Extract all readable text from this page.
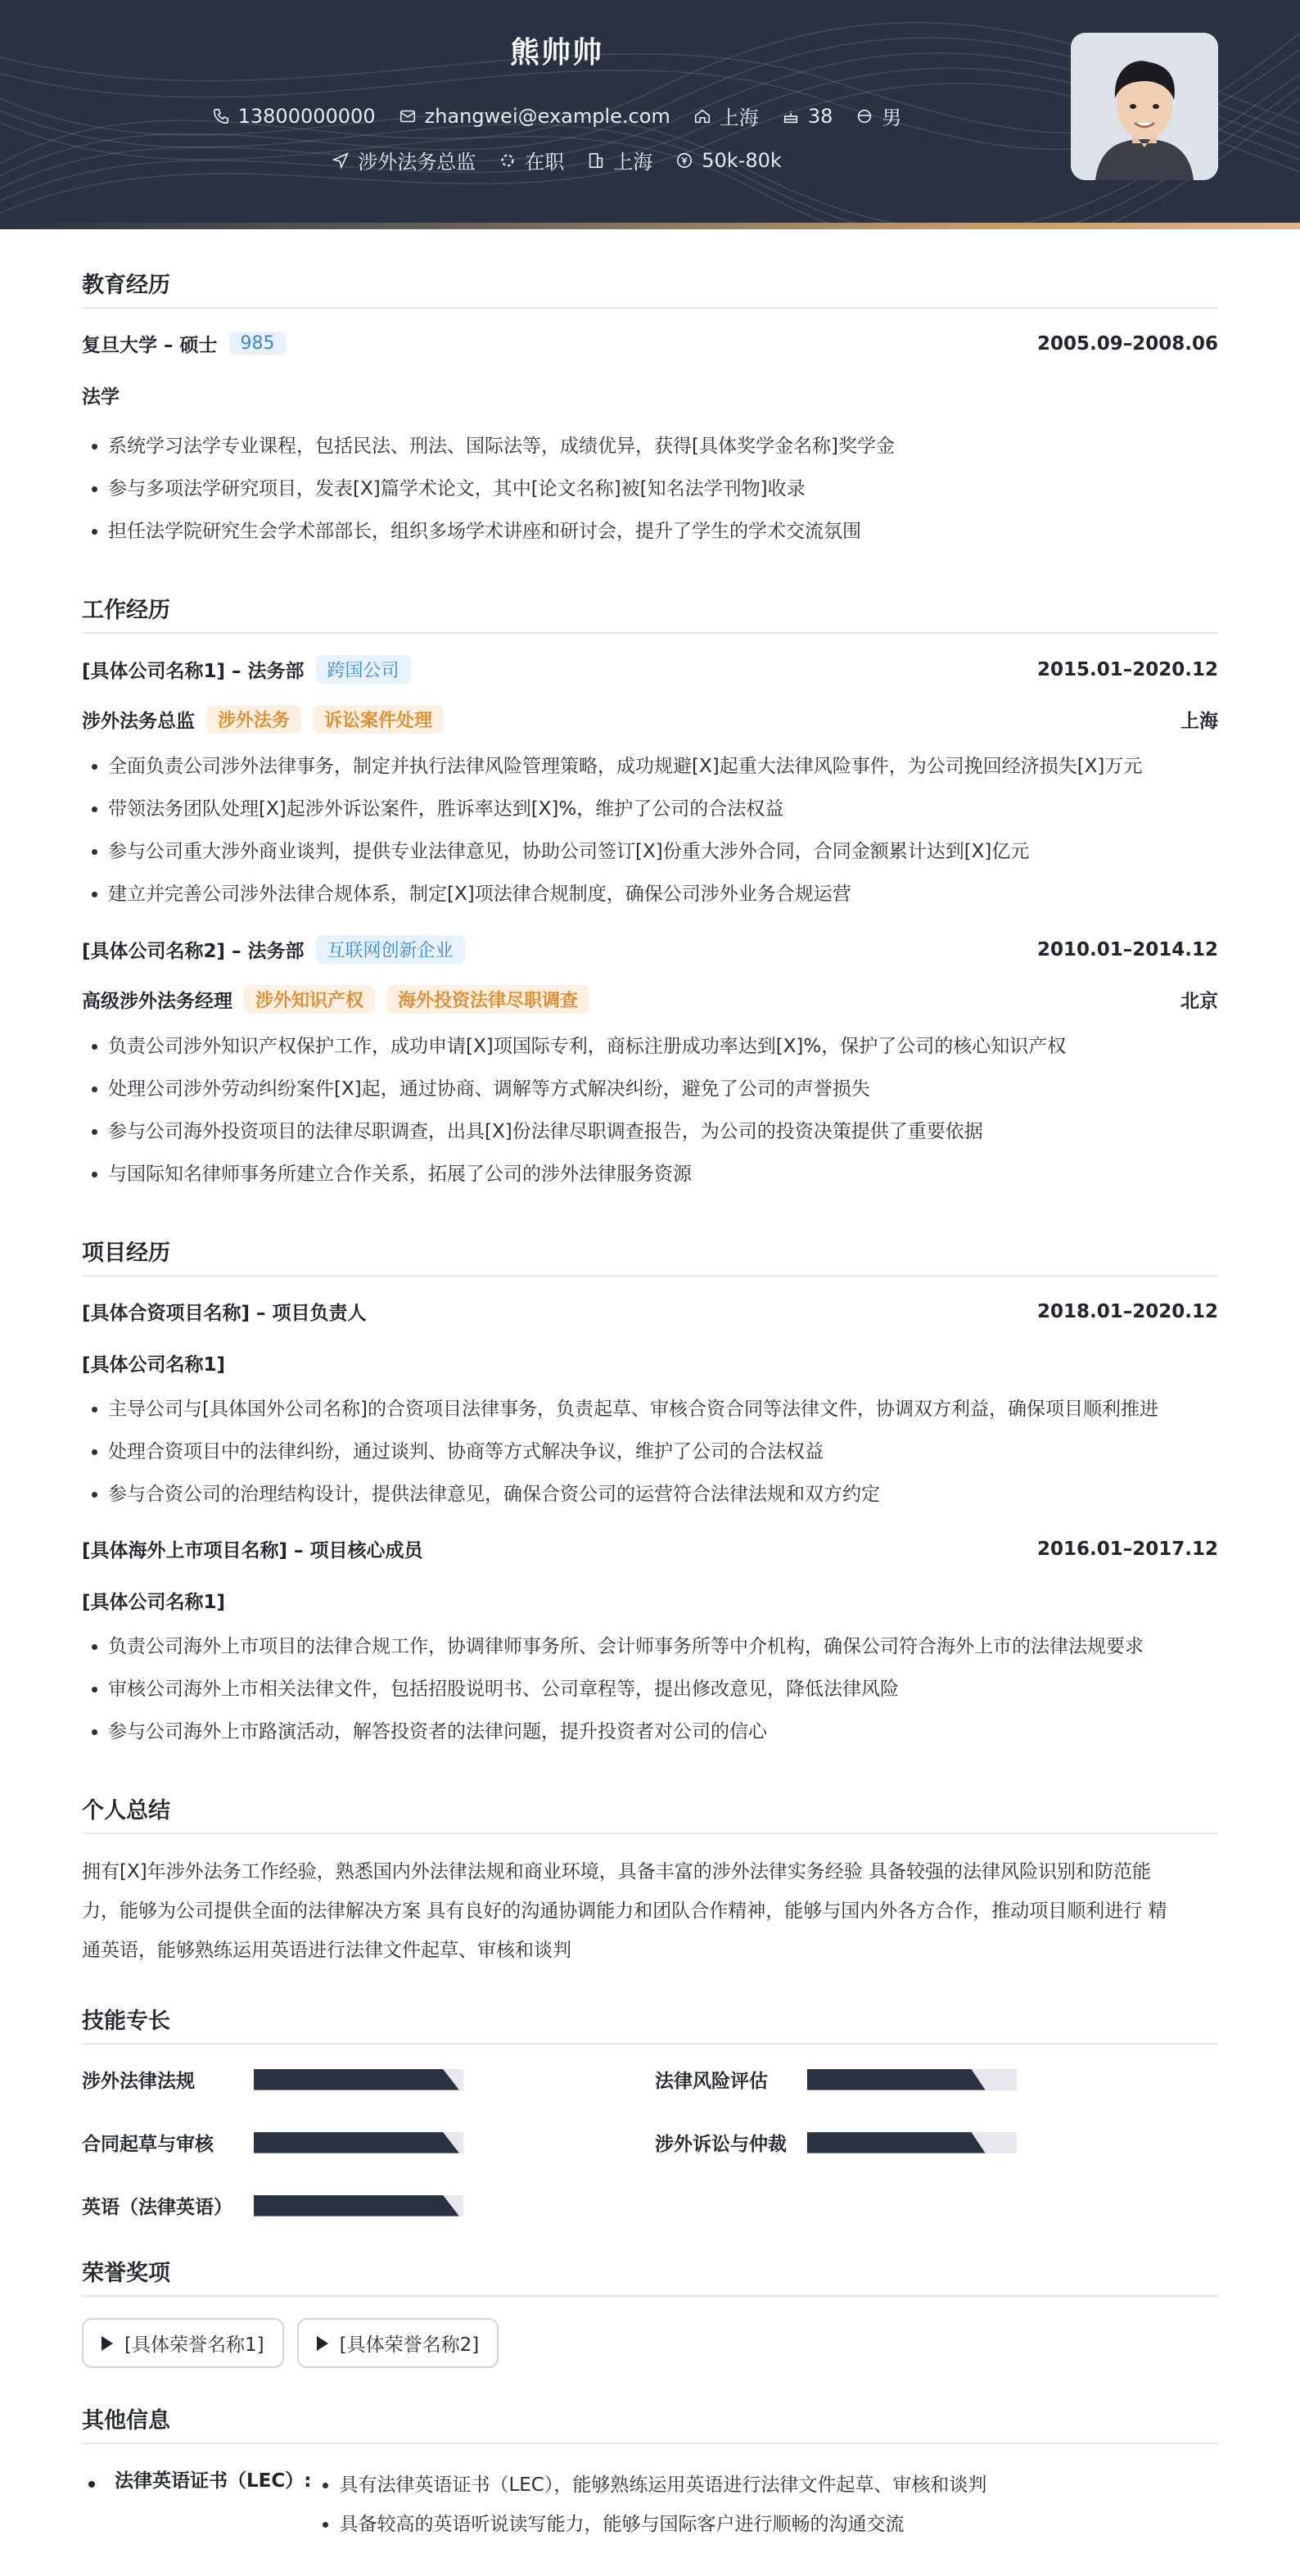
熊帅帅
13800000000	zhangwei@example.com	上海	38	男
涉外法务总监	在职	上海	50k-80k
教育经历
复旦大学 – 硕士	985	2005.09–2008.06
法学
• 系统学习法学专业课程，包括民法、刑法、国际法等，成绩优异，获得[具体奖学金名称]奖学金
• 参与多项法学研究项目，发表[X]篇学术论文，其中[论文名称]被[知名法学刊物]收录
• 担任法学院研究生会学术部部长，组织多场学术讲座和研讨会，提升了学生的学术交流氛围
工作经历
[具体公司名称1] – 法务部	跨国公司	2015.01–2020.12
涉外法务总监	涉外法务	诉讼案件处理	上海
• 全面负责公司涉外法律事务，制定并执行法律风险管理策略，成功规避[X]起重大法律风险事件，为公司挽回经济损失[X]万元
• 带领法务团队处理[X]起涉外诉讼案件，胜诉率达到[X]%，维护了公司的合法权益
• 参与公司重大涉外商业谈判，提供专业法律意见，协助公司签订[X]份重大涉外合同，合同金额累计达到[X]亿元
• 建立并完善公司涉外法律合规体系，制定[X]项法律合规制度，确保公司涉外业务合规运营
[具体公司名称2] – 法务部	互联网创新企业	2010.01–2014.12
高级涉外法务经理	涉外知识产权	海外投资法律尽职调查	北京
• 负责公司涉外知识产权保护工作，成功申请[X]项国际专利，商标注册成功率达到[X]%，保护了公司的核心知识产权
• 处理公司涉外劳动纠纷案件[X]起，通过协商、调解等方式解决纠纷，避免了公司的声誉损失
• 参与公司海外投资项目的法律尽职调查，出具[X]份法律尽职调查报告，为公司的投资决策提供了重要依据
• 与国际知名律师事务所建立合作关系，拓展了公司的涉外法律服务资源
项目经历
[具体合资项目名称] – 项目负责人	2018.01–2020.12
[具体公司名称1]
• 主导公司与[具体国外公司名称]的合资项目法律事务，负责起草、审核合资合同等法律文件，协调双方利益，确保项目顺利推进
• 处理合资项目中的法律纠纷，通过谈判、协商等方式解决争议，维护了公司的合法权益
• 参与合资公司的治理结构设计，提供法律意见，确保合资公司的运营符合法律法规和双方约定
[具体海外上市项目名称] – 项目核心成员	2016.01–2017.12
[具体公司名称1]
• 负责公司海外上市项目的法律合规工作，协调律师事务所、会计师事务所等中介机构，确保公司符合海外上市的法律法规要求
• 审核公司海外上市相关法律文件，包括招股说明书、公司章程等，提出修改意见，降低法律风险
• 参与公司海外上市路演活动，解答投资者的法律问题，提升投资者对公司的信心
个人总结
拥有[X]年涉外法务工作经验，熟悉国内外法律法规和商业环境，具备丰富的涉外法律实务经验 具备较强的法律风险识别和防范能
力，能够为公司提供全面的法律解决方案 具有良好的沟通协调能力和团队合作精神，能够与国内外各方合作，推动项目顺利进行 精
通英语，能够熟练运用英语进行法律文件起草、审核和谈判
技能专长
涉外法律法规	法律风险评估
合同起草与审核	涉外诉讼与仲裁
英语（法律英语）
荣誉奖项
[具体荣誉名称1]	[具体荣誉名称2]
其他信息
法律英语证书（LEC）:
• 具有法律英语证书（LEC），能够熟练运用英语进行法律文件起草、审核和谈判
• 具备较高的英语听说读写能力，能够与国际客户进行顺畅的沟通交流
